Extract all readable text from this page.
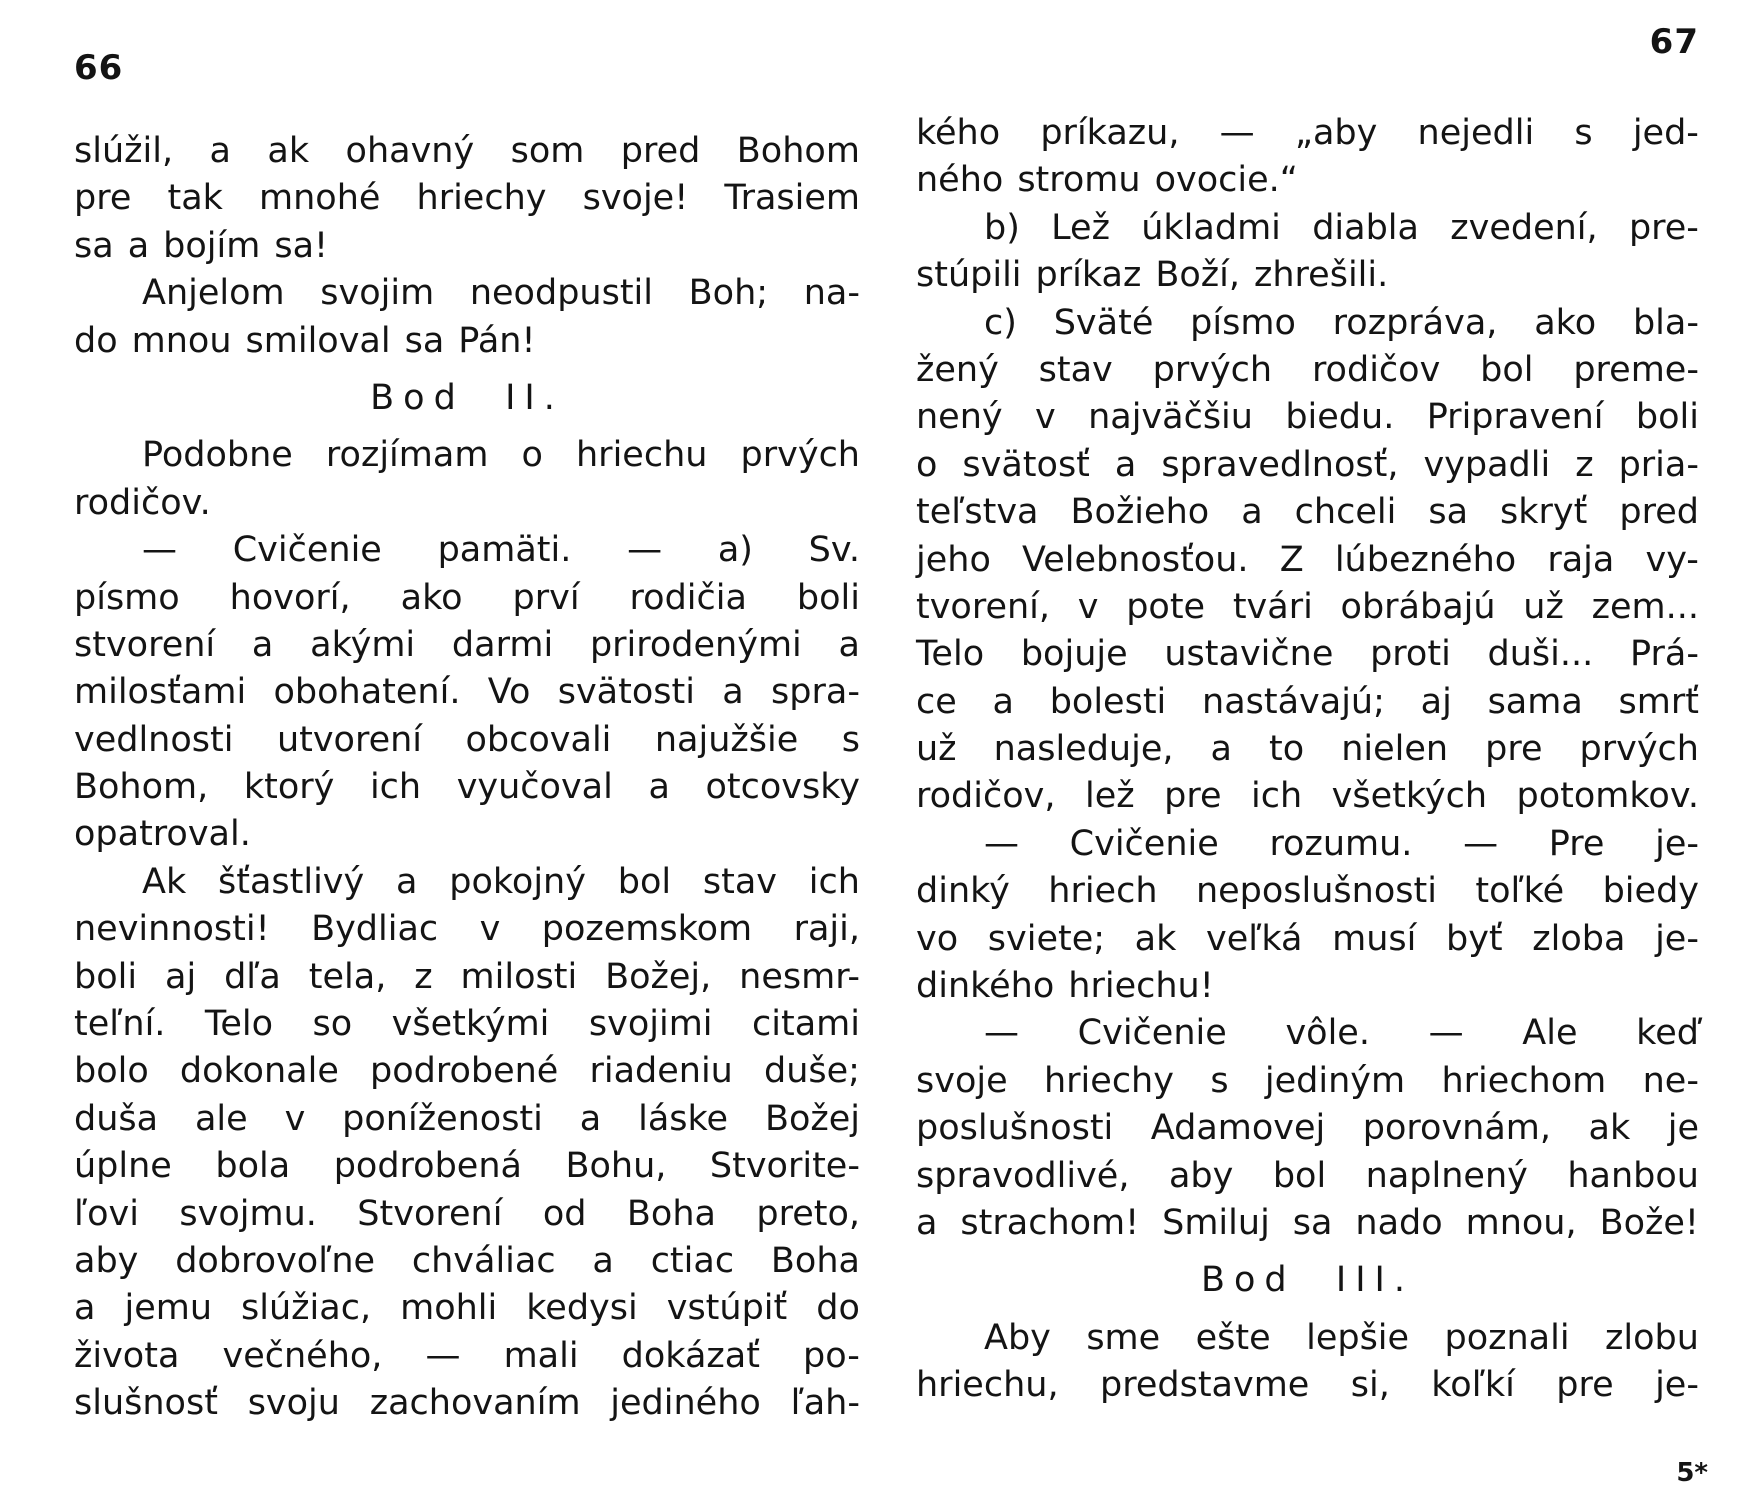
66
slúžil, a ak ohavný som pred Bohom
pre tak mnohé hriechy svoje! Trasiem
sa a bojím sa!
Anjelom svojim neodpustil Boh; na-
do mnou smiloval sa Pán!
Bod
II.
Podobne rozjímam o hriechu prvých
rodičov.
— Cvičenie pamäti. — a) Sv.
písmo hovorí, ako prví rodičia boli
stvorení a akými darmi prirodenými a
milosťami obohatení. Vo svätosti a spra-
vedlnosti utvorení obcovali najužšie s
Bohom, ktorý ich vyučoval a otcovsky
opatroval.
Ak šťastlivý a pokojný bol stav ich
nevinnosti! Bydliac v pozemskom raji,
boli aj dľa tela, z milosti Božej, nesmr-
teľní. Telo so všetkými svojimi citami
bolo dokonale podrobené riadeniu duše;
duša ale v poníženosti a láske Božej
úplne bola podrobená Bohu, Stvorite-
ľovi svojmu. Stvorení od Boha preto,
aby dobrovoľne chváliac a ctiac Boha
a jemu slúžiac, mohli kedysi vstúpiť do
života večného, — mali dokázať po-
slušnosť svoju zachovaním jediného ľah-
67
kého príkazu, — „aby nejedli s jed-
ného stromu ovocie.“
b) Lež úkladmi diabla zvedení, pre-
stúpili príkaz Boží, zhrešili.
c) Sväté písmo rozpráva, ako bla-
žený stav prvých rodičov bol preme-
nený v najväčšiu biedu. Pripravení boli
o svätosť a spravedlnosť, vypadli z pria-
teľstva Božieho a chceli sa skryť pred
jeho Velebnosťou. Z lúbezného raja vy-
tvorení, v pote tvári obrábajú už zem...
Telo bojuje ustavične proti duši... Prá-
ce a bolesti nastávajú; aj sama smrť
už nasleduje, a to nielen pre prvých
rodičov, lež pre ich všetkých potomkov.
— Cvičenie rozumu. — Pre je-
dinký hriech neposlušnosti toľké biedy
vo sviete; ak veľká musí byť zloba je-
dinkého hriechu!
— Cvičenie vôle. — Ale keď
svoje hriechy s jediným hriechom ne-
poslušnosti Adamovej porovnám, ak je
spravodlivé, aby bol naplnený hanbou
a strachom! Smiluj sa nado mnou, Bože!
Bod
III.
Aby sme ešte lepšie poznali zlobu
hriechu, predstavme si, koľkí pre je-
5*
